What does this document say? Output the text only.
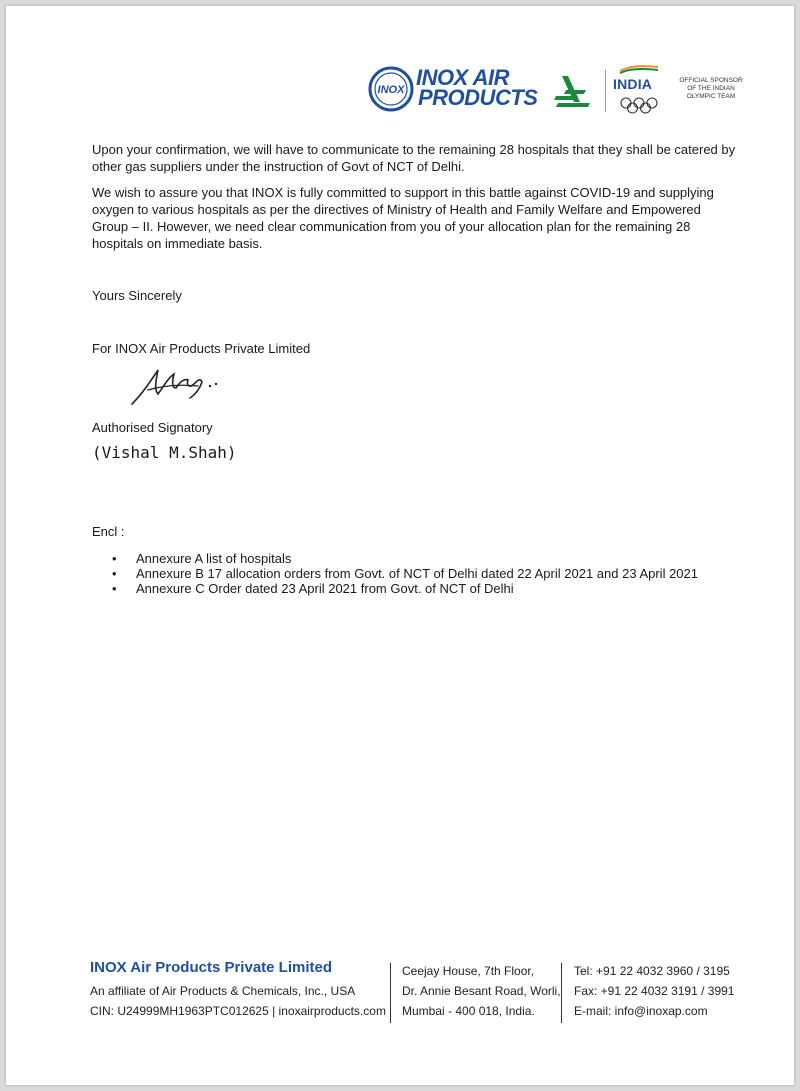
INOX INOX AIR
PRODUCTS
INDIA	OFFICIAL SPONSOR
OF THE INDIAN
OLYMPIC TEAM
Upon your confirmation, we will have to communicate to the remaining 28 hospitals that they shall be catered by other gas suppliers under the instruction of Govt of NCT of Delhi.
We wish to assure you that INOX is fully committed to support in this battle against COVID-19 and supplying oxygen to various hospitals as per the directives of Ministry of Health and Family Welfare and Empowered Group – II. However, we need clear communication from you of your allocation plan for the remaining 28 hospitals on immediate basis.
Yours Sincerely
For INOX Air Products Private Limited
Authorised Signatory
(Vishal M.Shah)
Encl :
• Annexure A list of hospitals
• Annexure B 17 allocation orders from Govt. of NCT of Delhi dated 22 April 2021 and 23 April 2021
• Annexure C Order dated 23 April 2021 from Govt. of NCT of Delhi
INOX Air Products Private Limited
An affiliate of Air Products & Chemicals, Inc., USA
CIN: U24999MH1963PTC012625 | inoxairproducts.com
Ceejay House, 7th Floor,
Dr. Annie Besant Road, Worli,
Mumbai - 400 018, India.
Tel: +91 22 4032 3960 / 3195
Fax: +91 22 4032 3191 / 3991
E-mail: info@inoxap.com
